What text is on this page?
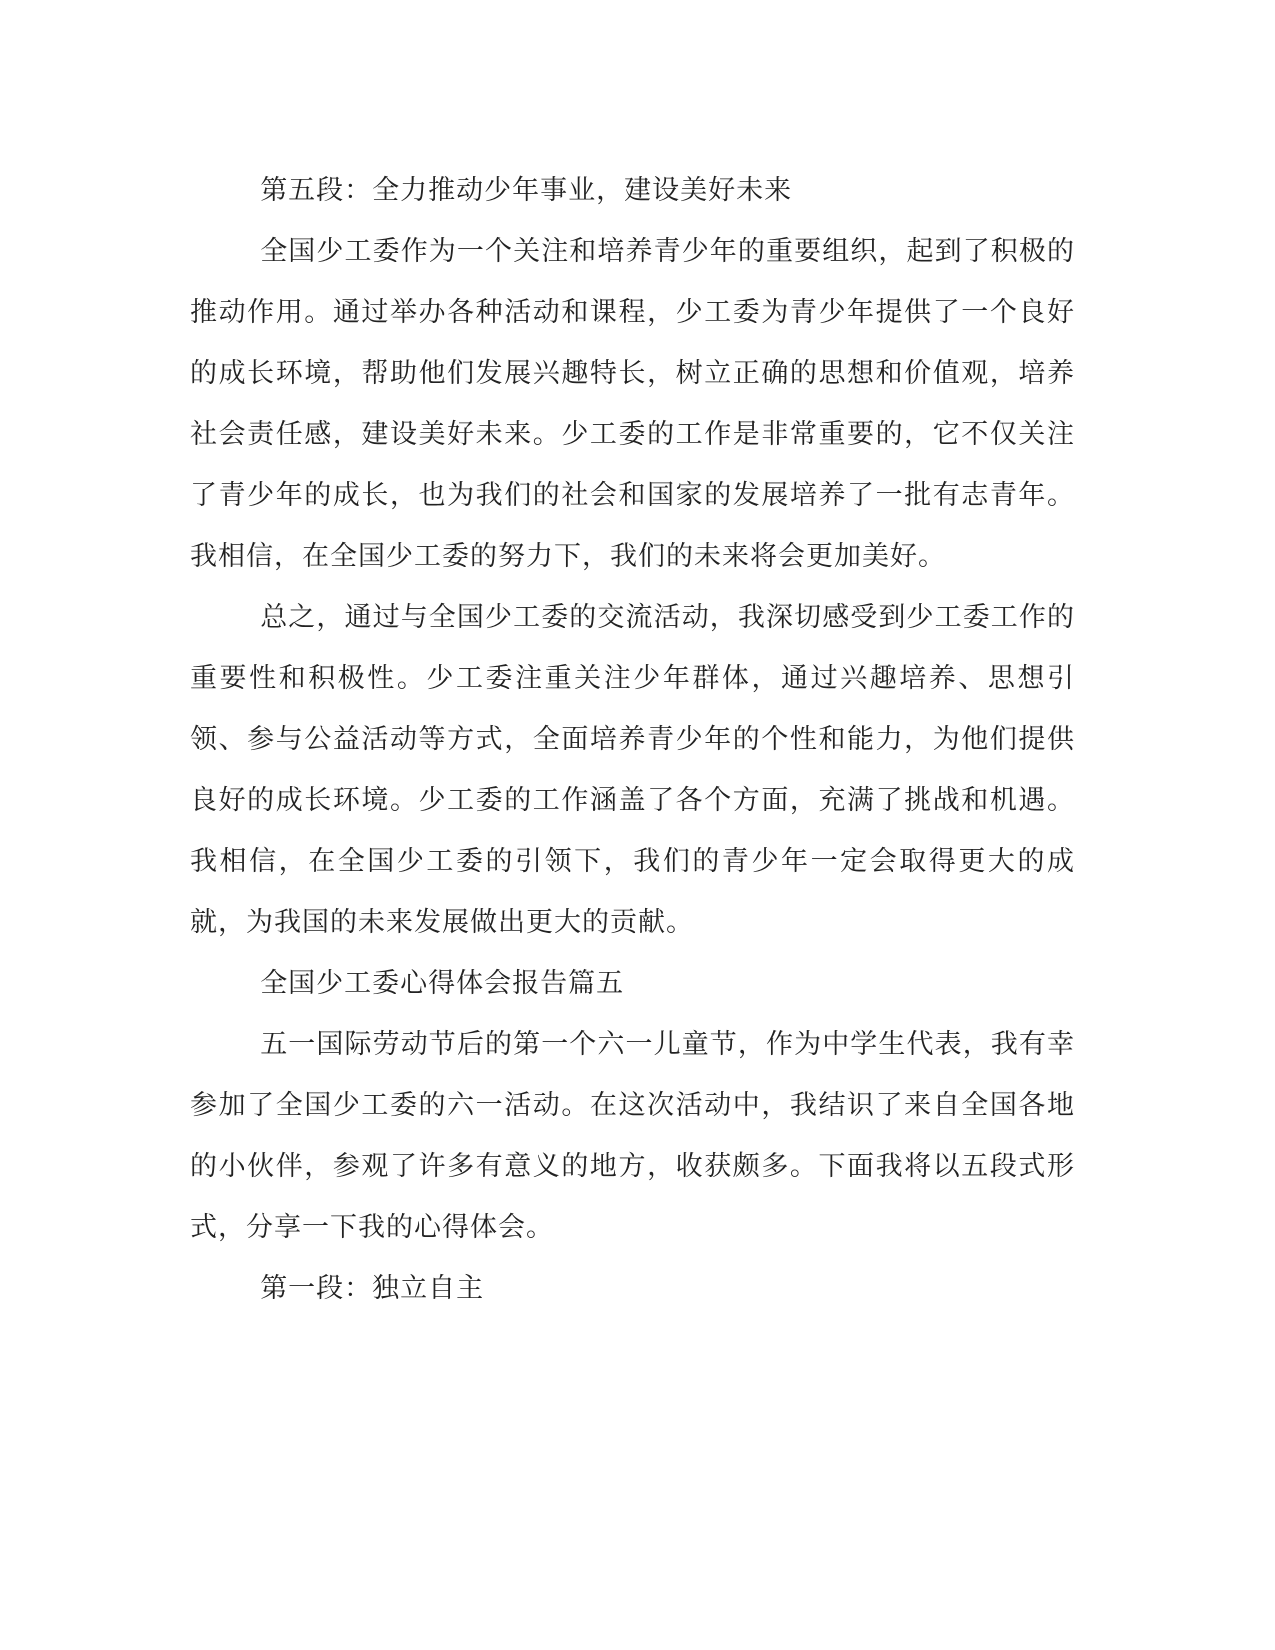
第五段：全力推动少年事业，建设美好未来

全国少工委作为一个关注和培养青少年的重要组织，起到了积极的推动作用。通过举办各种活动和课程，少工委为青少年提供了一个良好的成长环境，帮助他们发展兴趣特长，树立正确的思想和价值观，培养社会责任感，建设美好未来。少工委的工作是非常重要的，它不仅关注了青少年的成长，也为我们的社会和国家的发展培养了一批有志青年。我相信，在全国少工委的努力下，我们的未来将会更加美好。

总之，通过与全国少工委的交流活动，我深切感受到少工委工作的重要性和积极性。少工委注重关注少年群体，通过兴趣培养、思想引领、参与公益活动等方式，全面培养青少年的个性和能力，为他们提供良好的成长环境。少工委的工作涵盖了各个方面，充满了挑战和机遇。我相信，在全国少工委的引领下，我们的青少年一定会取得更大的成就，为我国的未来发展做出更大的贡献。

全国少工委心得体会报告篇五

五一国际劳动节后的第一个六一儿童节，作为中学生代表，我有幸参加了全国少工委的六一活动。在这次活动中，我结识了来自全国各地的小伙伴，参观了许多有意义的地方，收获颇多。下面我将以五段式形式，分享一下我的心得体会。

第一段：独立自主
